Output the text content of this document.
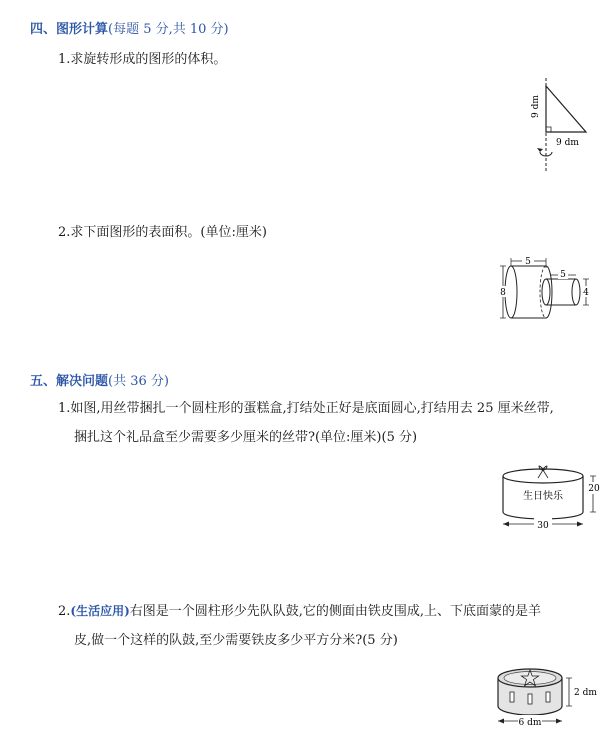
四、图形计算(每题 5 分,共 10 分)
1.求旋转形成的图形的体积。
9 dm
9 dm
2.求下面图形的表面积。(单位:厘米)
5
5
8	4
五、解决问题(共 36 分)
1.如图,用丝带捆扎一个圆柱形的蛋糕盒,打结处正好是底面圆心,打结用去 25 厘米丝带,
捆扎这个礼品盒至少需要多少厘米的丝带?(单位:厘米)(5 分)
生日快乐
20
30
2.(生活应用)右图是一个圆柱形少先队队鼓,它的侧面由铁皮围成,上、下底面蒙的是羊
皮,做一个这样的队鼓,至少需要铁皮多少平方分米?(5 分)
2 dm
6 dm
